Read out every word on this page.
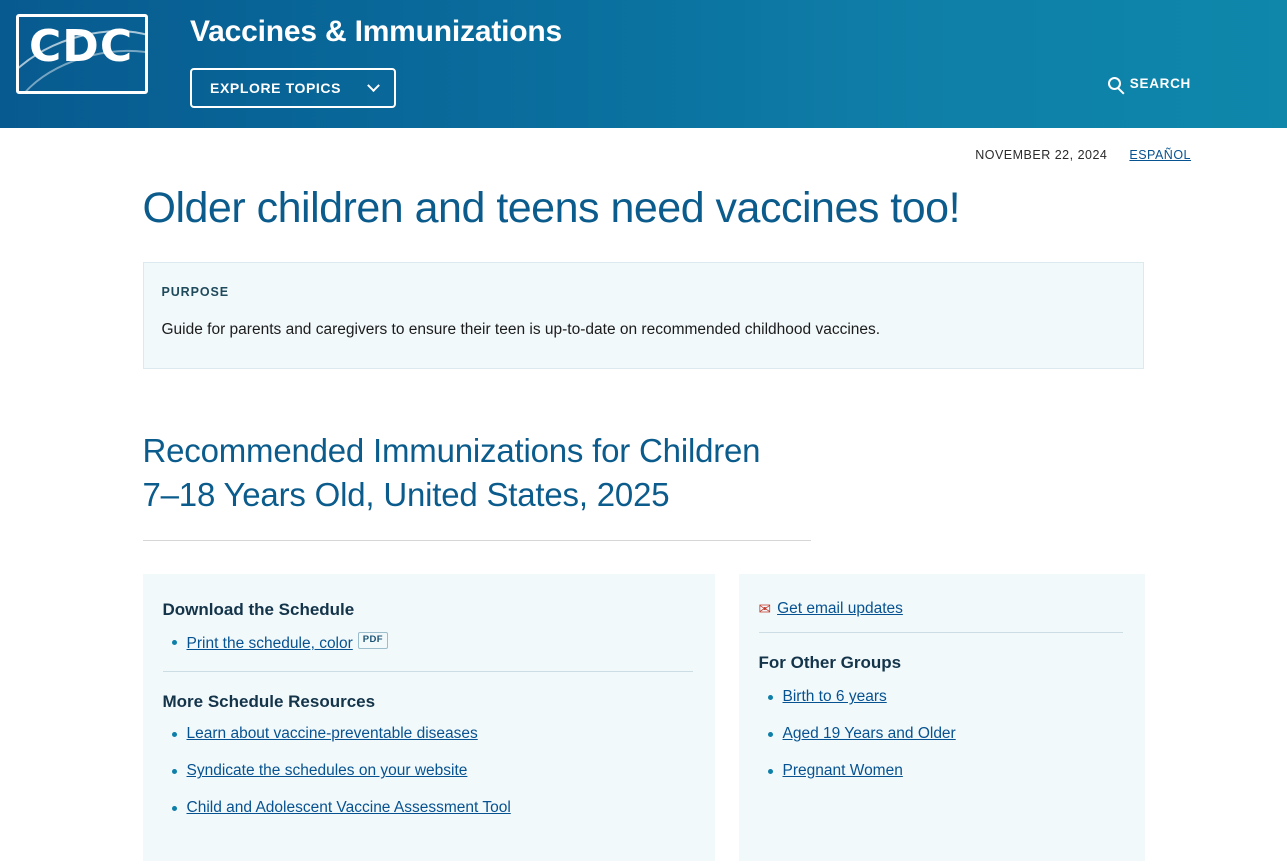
CDC Vaccines & Immunizations
EXPLORE TOPICS	SEARCH
NOVEMBER 22, 2024 ESPAÑOL
Older children and teens need vaccines too!
PURPOSE
Guide for parents and caregivers to ensure their teen is up-to-date on recommended childhood vaccines.
Recommended Immunizations for Children 7–18 Years Old, United States, 2025
Download the Schedule
Print the schedule, color PDF
More Schedule Resources
Learn about vaccine-preventable diseases
Syndicate the schedules on your website
Child and Adolescent Vaccine Assessment Tool
✉ Get email updates
For Other Groups
Birth to 6 years
Aged 19 Years and Older
Pregnant Women
